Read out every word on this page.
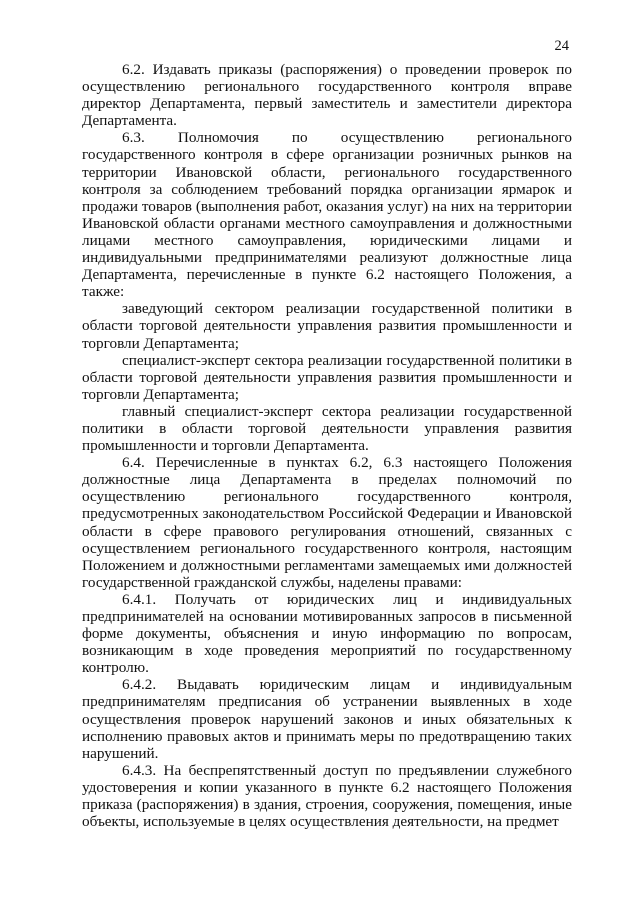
24

6.2. Издавать приказы (распоряжения) о проведении проверок по осуществлению регионального государственного контроля вправе директор Департамента, первый заместитель и заместители директора Департамента.

6.3. Полномочия по осуществлению регионального государственного контроля в сфере организации розничных рынков на территории Ивановской области, регионального государственного контроля за соблюдением требований порядка организации ярмарок и продажи товаров (выполнения работ, оказания услуг) на них на территории Ивановской области органами местного самоуправления и должностными лицами местного самоуправления, юридическими лицами и индивидуальными предпринимателями реализуют должностные лица Департамента, перечисленные в пункте 6.2 настоящего Положения, а также:

заведующий сектором реализации государственной политики в области торговой деятельности управления развития промышленности и торговли Департамента;

специалист-эксперт сектора реализации государственной политики в области торговой деятельности управления развития промышленности и торговли Департамента;

главный специалист-эксперт сектора реализации государственной политики в области торговой деятельности управления развития промышленности и торговли Департамента.

6.4. Перечисленные в пунктах 6.2, 6.3 настоящего Положения должностные лица Департамента в пределах полномочий по осуществлению регионального государственного контроля, предусмотренных законодательством Российской Федерации и Ивановской области в сфере правового регулирования отношений, связанных с осуществлением регионального государственного контроля, настоящим Положением и должностными регламентами замещаемых ими должностей государственной гражданской службы, наделены правами:

6.4.1. Получать от юридических лиц и индивидуальных предпринимателей на основании мотивированных запросов в письменной форме документы, объяснения и иную информацию по вопросам, возникающим в ходе проведения мероприятий по государственному контролю.

6.4.2. Выдавать юридическим лицам и индивидуальным предпринимателям предписания об устранении выявленных в ходе осуществления проверок нарушений законов и иных обязательных к исполнению правовых актов и принимать меры по предотвращению таких нарушений.

6.4.3. На беспрепятственный доступ по предъявлении служебного удостоверения и копии указанного в пункте 6.2 настоящего Положения приказа (распоряжения) в здания, строения, сооружения, помещения, иные объекты, используемые в целях осуществления деятельности, на предмет
